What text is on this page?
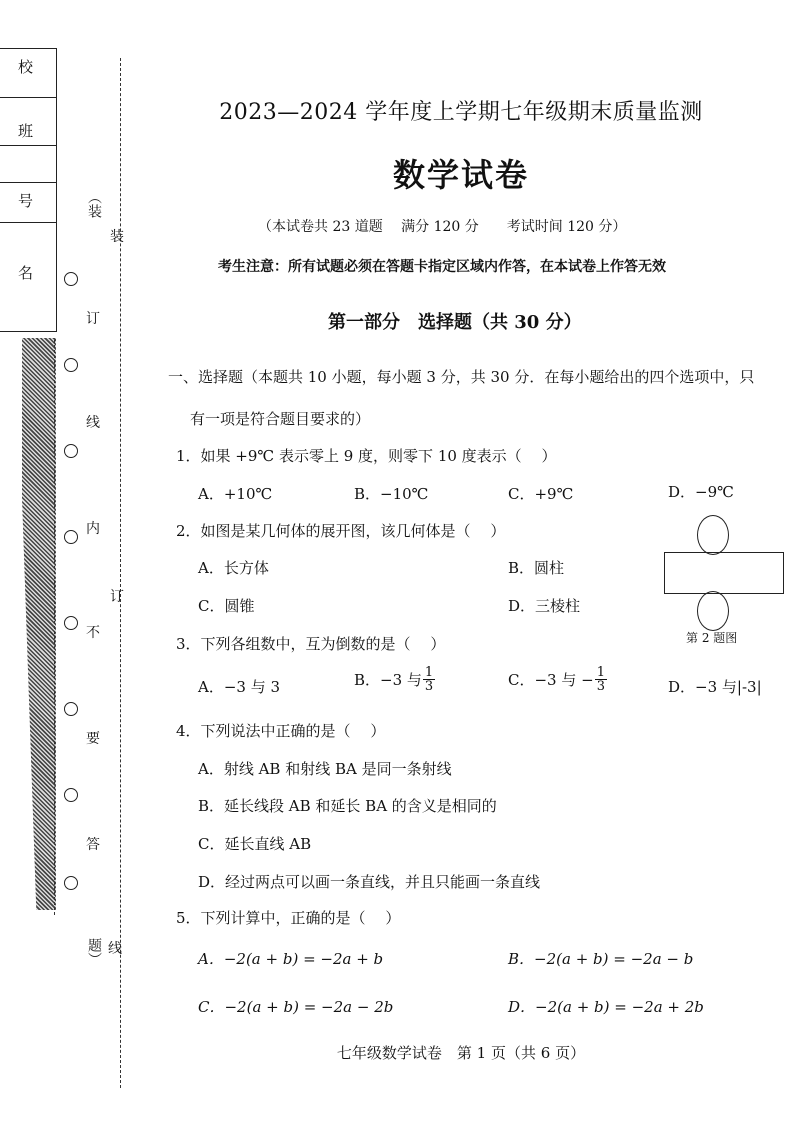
校
班
号
名
（装
订
线
内
不
要
答
题）
装
订
线
2023—2024 学年度上学期七年级期末质量监测
数学试卷
（本试卷共 23 道题　 满分 120 分　　考试时间 120 分）
考生注意：所有试题必须在答题卡指定区域内作答，在本试卷上作答无效
第一部分　选择题（共 30 分）
一、选择题（本题共 10 小题，每小题 3 分，共 30 分．在每小题给出的四个选项中，只
有一项是符合题目要求的）
1．如果 +9℃ 表示零上 9 度，则零下 10 度表示（　 ）
A．+10℃	B．−10℃	C．+9℃	D．−9℃
2．如图是某几何体的展开图，该几何体是（　 ）
A．长方体	B．圆柱
C．圆锥	D．三棱柱
第 2 题图
3．下列各组数中，互为倒数的是（　 ）
A．−3 与 3	B．−3 与 $\frac{1}{3}$	C．−3 与 − $\frac{1}{3}$	D．−3 与|-3|
4．下列说法中正确的是（　 ）
A．射线 AB 和射线 BA 是同一条射线
B．延长线段 AB 和延长 BA 的含义是相同的
C．延长直线 AB
D．经过两点可以画一条直线，并且只能画一条直线
5．下列计算中，正确的是（　 ）
A．−2(a + b) = −2a + b	B．−2(a + b) = −2a − b
C．−2(a + b) = −2a − 2b	D．−2(a + b) = −2a + 2b
七年级数学试卷　第 1 页（共 6 页）
